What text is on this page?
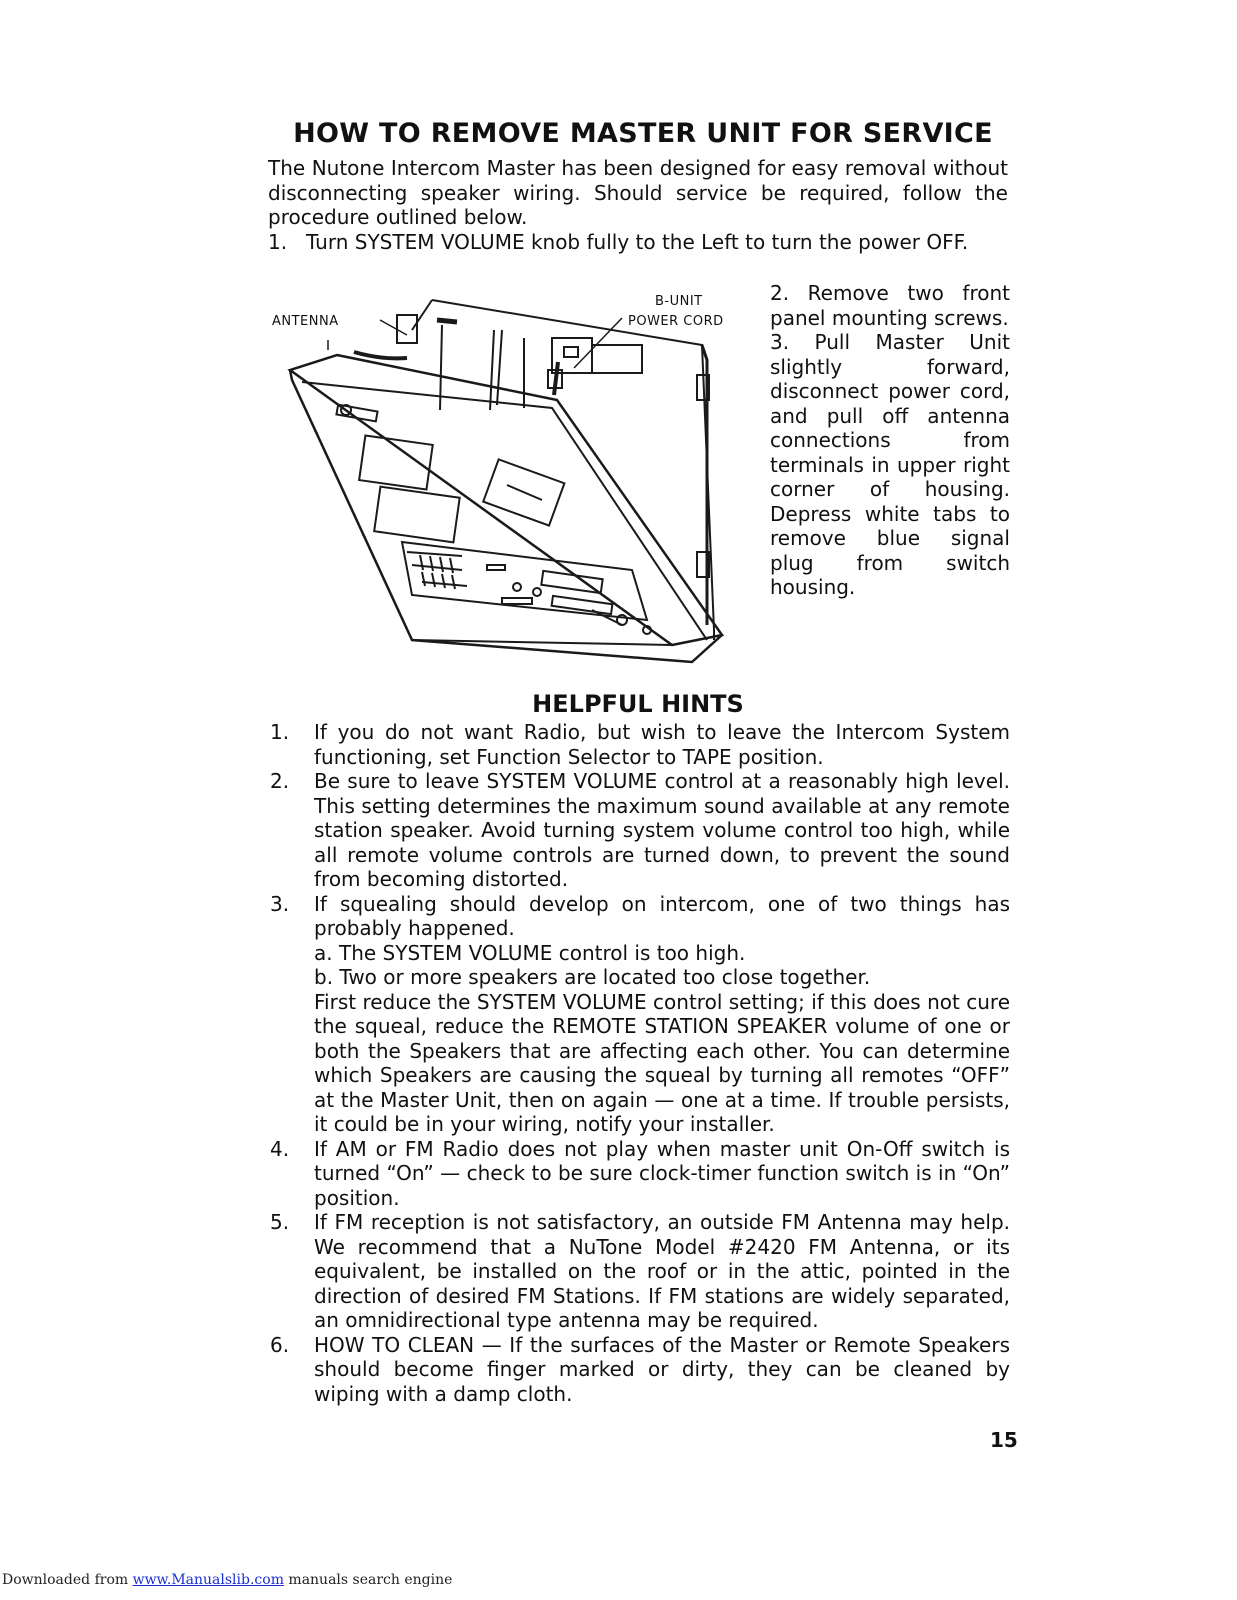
HOW TO REMOVE MASTER UNIT FOR SERVICE
The Nutone Intercom Master has been designed for easy removal without disconnecting speaker wiring. Should service be required, follow the procedure outlined below.
1. Turn SYSTEM VOLUME knob fully to the Left to turn the power OFF.
ANTENNA
B-UNIT
POWER CORD

2. Remove two front panel mounting screws.

3. Pull Master Unit slightly forward, disconnect power cord, and pull off antenna connections from terminals in upper right corner of housing. Depress white tabs to remove blue signal plug from switch housing.

HELPFUL HINTS
1.	If you do not want Radio, but wish to leave the Intercom System functioning, set Function Selector to TAPE position.
2.	Be sure to leave SYSTEM VOLUME control at a reasonably high level. This setting determines the maximum sound available at any remote station speaker. Avoid turning system volume control too high, while all remote volume controls are turned down, to prevent the sound from becoming distorted.
3.	If squealing should develop on intercom, one of two things has probably happened.

a. The SYSTEM VOLUME control is too high.

b. Two or more speakers are located too close together.

First reduce the SYSTEM VOLUME control setting; if this does not cure the squeal, reduce the REMOTE STATION SPEAKER volume of one or both the Speakers that are affecting each other. You can determine which Speakers are causing the squeal by turning all remotes “OFF” at the Master Unit, then on again — one at a time. If trouble persists, it could be in your wiring, notify your installer.

4.	If AM or FM Radio does not play when master unit On-Off switch is turned “On” — check to be sure clock-timer function switch is in “On” position.
5.	If FM reception is not satisfactory, an outside FM Antenna may help. We recommend that a NuTone Model #2420 FM Antenna, or its equivalent, be installed on the roof or in the attic, pointed in the direction of desired FM Stations. If FM stations are widely separated, an omnidirectional type antenna may be required.
6.	HOW TO CLEAN — If the surfaces of the Master or Remote Speakers should become finger marked or dirty, they can be cleaned by wiping with a damp cloth.
15
Downloaded from www.Manualslib.com manuals search engine
